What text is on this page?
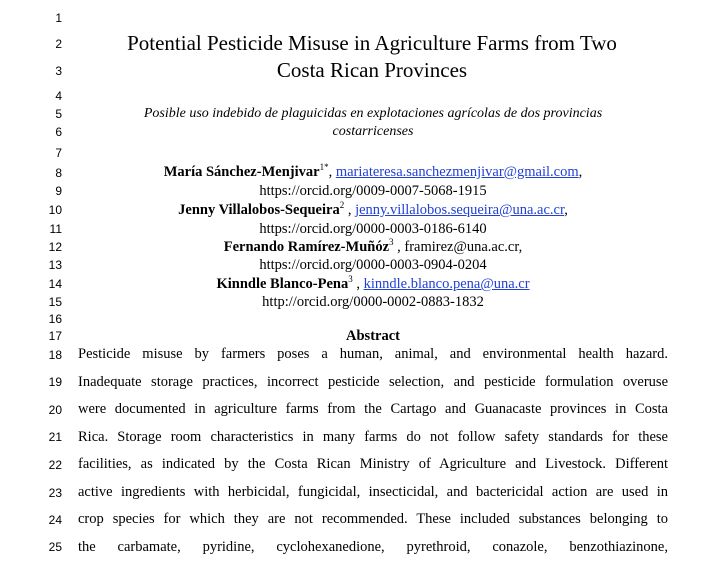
1
2
3
4
5
6
7
8
9
10
11
12
13
14
15
16
17
18
19
20
21
22
23
24
25
Potential Pesticide Misuse in Agriculture Farms from Two
Costa Rican Provinces
Posible uso indebido de plaguicidas en explotaciones agrícolas de dos provincias
costarricenses
María Sánchez-Menjivar$^{1*}$, mariateresa.sanchezmenjivar@gmail.com,
https://orcid.org/0009-0007-5068-1915
Jenny Villalobos-Sequeira$^2$ , jenny.villalobos.sequeira@una.ac.cr,
https://orcid.org/0000-0003-0186-6140
Fernando Ramírez-Muñóz$^3$ , framirez@una.ac.cr,
https://orcid.org/0000-0003-0904-0204
Kinndle Blanco-Pena$^3$ , kinndle.blanco.pena@una.cr
http://orcid.org/0000-0002-0883-1832
Abstract
Pesticide misuse by farmers poses a human, animal, and environmental health hazard.
Inadequate storage practices, incorrect pesticide selection, and pesticide formulation overuse
were documented in agriculture farms from the Cartago and Guanacaste provinces in Costa
Rica. Storage room characteristics in many farms do not follow safety standards for these
facilities, as indicated by the Costa Rican Ministry of Agriculture and Livestock. Different
active ingredients with herbicidal, fungicidal, insecticidal, and bactericidal action are used in
crop species for which they are not recommended. These included substances belonging to
the carbamate, pyridine, cyclohexanedione, pyrethroid, conazole, benzothiazinone,
